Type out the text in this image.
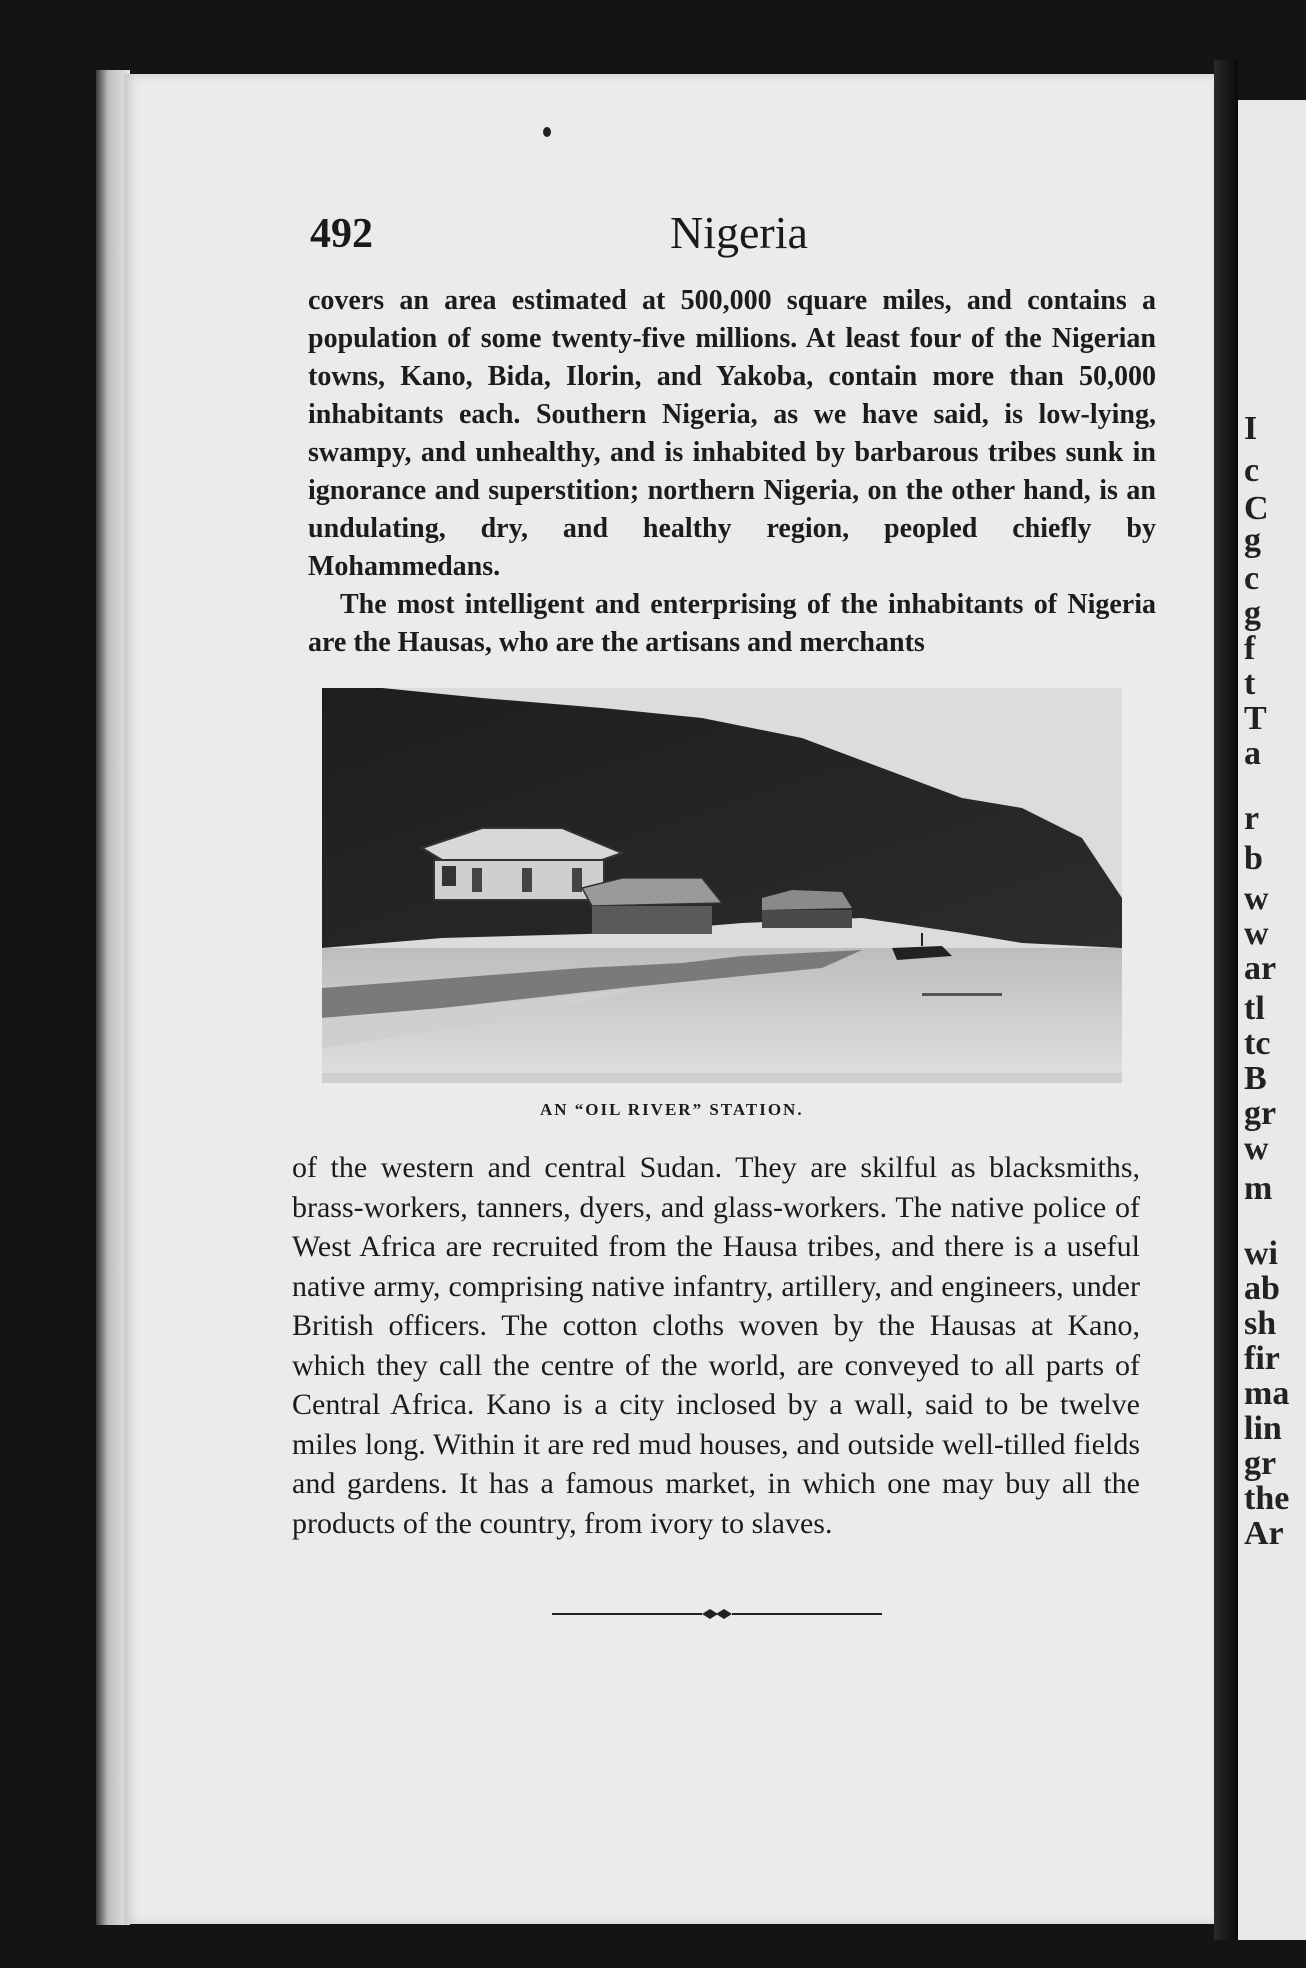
I
c
C
g
c
g
f
t
T
a
r
b
w
w
ar
tl
tc
B
gr
w
m
wi
ab
sh
fir
ma
lin
gr
the
Ar
492	Nigeria
covers an area estimated at 500,000 square miles, and contains a population of some twenty-five millions. At least four of the Nigerian towns, Kano, Bida, Ilorin, and Yakoba, contain more than 50,000 inhabitants each. Southern Nigeria, as we have said, is low-lying, swampy, and unhealthy, and is inhabited by barbarous tribes sunk in ignorance and superstition; northern Nigeria, on the other hand, is an undulating, dry, and healthy region, peopled chiefly by Mohammedans.
The most intelligent and enterprising of the inhabitants of Nigeria are the Hausas, who are the artisans and merchants
AN “OIL RIVER” STATION.
of the western and central Sudan. They are skilful as blacksmiths, brass-workers, tanners, dyers, and glass-workers. The native police of West Africa are recruited from the Hausa tribes, and there is a useful native army, comprising native infantry, artillery, and engineers, under British officers. The cotton cloths woven by the Hausas at Kano, which they call the centre of the world, are conveyed to all parts of Central Africa. Kano is a city inclosed by a wall, said to be twelve miles long. Within it are red mud houses, and outside well-tilled fields and gardens. It has a famous market, in which one may buy all the products of the country, from ivory to slaves.
